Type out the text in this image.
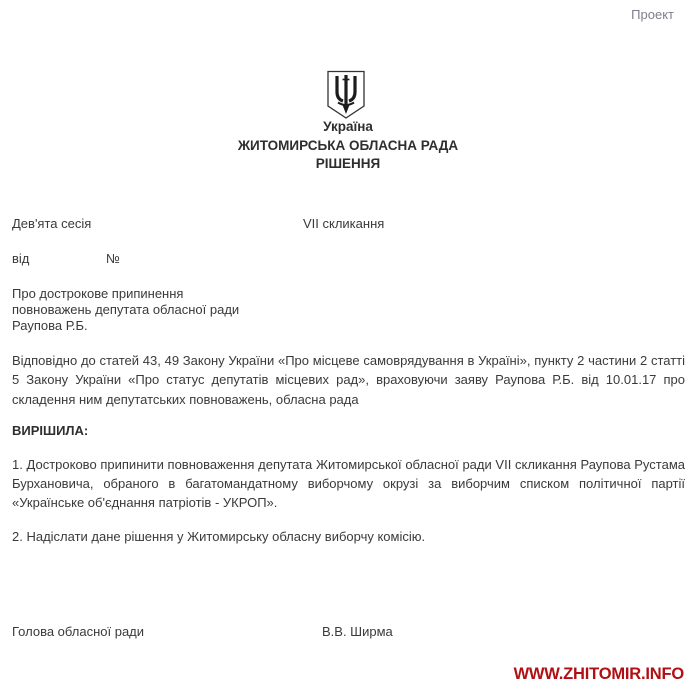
Проект
Україна
ЖИТОМИРСЬКА ОБЛАСНА РАДА
РІШЕННЯ
Дев'ята сесія	VII скликання
від	№
Про дострокове припинення
повноважень депутата обласної ради
Раупова Р.Б.
Відповідно до статей 43, 49 Закону України «Про місцеве самоврядування в Україні», пункту 2 частини 2 статті 5 Закону України «Про статус депутатів місцевих рад», враховуючи заяву Раупова Р.Б. від 10.01.17 про складення ним депутатських повноважень, обласна рада
ВИРІШИЛА:
1. Достроково припинити повноваження депутата Житомирської обласної ради VII скликання Раупова Рустама Бурхановича, обраного в багатомандатному виборчому окрузі за виборчим списком політичної партії «Українське об'єднання патріотів - УКРОП».
2. Надіслати дане рішення у Житомирську обласну виборчу комісію.
Голова обласної ради	В.В. Ширма
WWW.ZHITOMIR.INFO
